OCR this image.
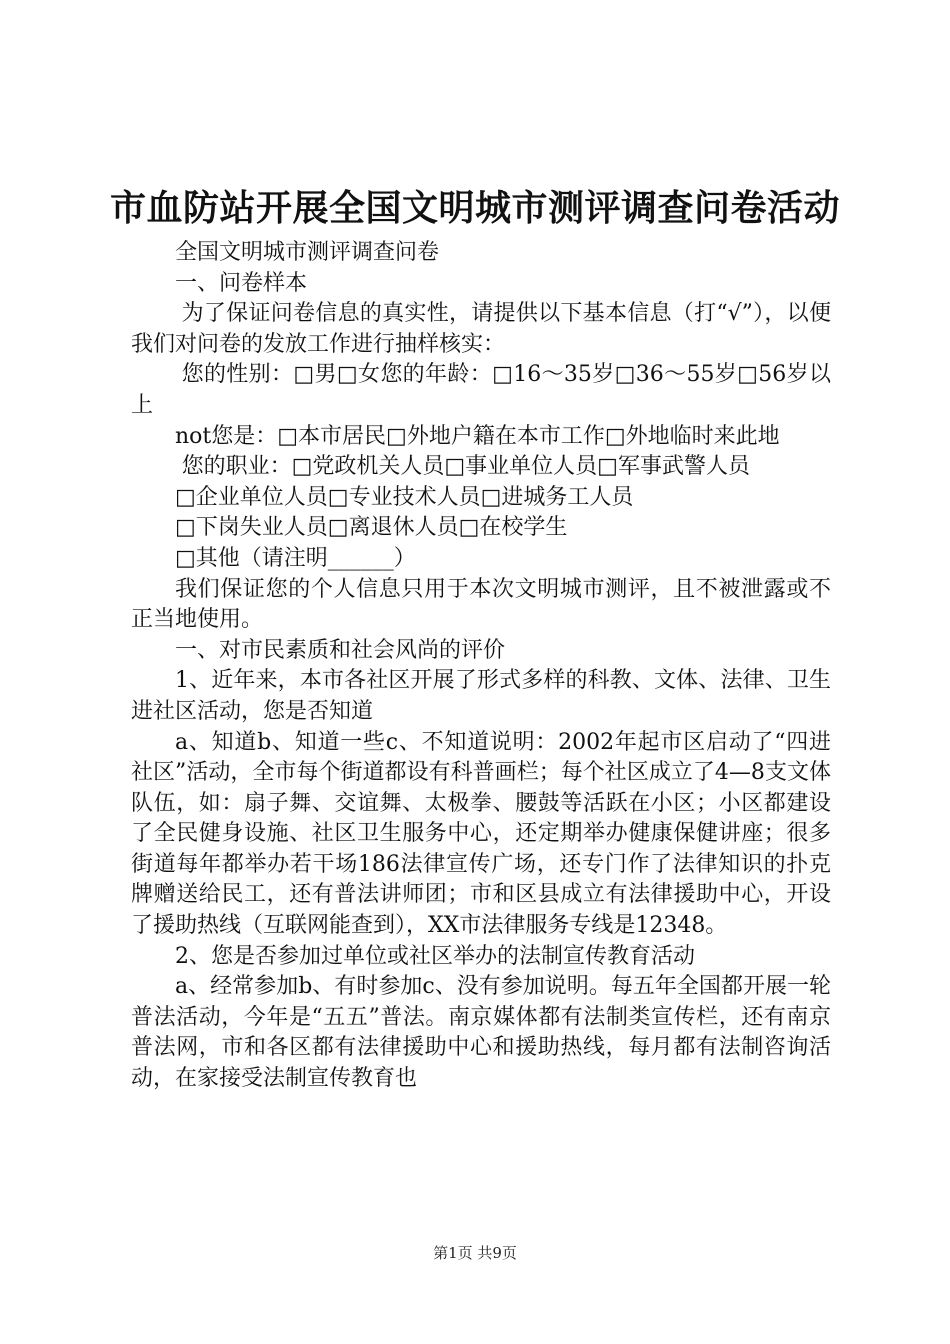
市血防站开展全国文明城市测评调查问卷活动

全国文明城市测评调查问卷

一、问卷样本

为了保证问卷信息的真实性，请提供以下基本信息（打“√”），以便我们对问卷的发放工作进行抽样核实：

您的性别：□男□女您的年龄：□16～35岁□36～55岁□56岁以上

not您是：□本市居民□外地户籍在本市工作□外地临时来此地

您的职业：□党政机关人员□事业单位人员□军事武警人员

□企业单位人员□专业技术人员□进城务工人员

□下岗失业人员□离退休人员□在校学生

□其他（请注明______）

我们保证您的个人信息只用于本次文明城市测评，且不被泄露或不正当地使用。

一、对市民素质和社会风尚的评价

1、近年来，本市各社区开展了形式多样的科教、文体、法律、卫生进社区活动，您是否知道

a、知道b、知道一些c、不知道说明：2002年起市区启动了“四进社区”活动，全市每个街道都设有科普画栏；每个社区成立了4—8支文体队伍，如：扇子舞、交谊舞、太极拳、腰鼓等活跃在小区；小区都建设了全民健身设施、社区卫生服务中心，还定期举办健康保健讲座；很多街道每年都举办若干场186法律宣传广场，还专门作了法律知识的扑克牌赠送给民工，还有普法讲师团；市和区县成立有法律援助中心，开设了援助热线（互联网能查到），XX市法律服务专线是12348。

2、您是否参加过单位或社区举办的法制宣传教育活动

a、经常参加b、有时参加c、没有参加说明。每五年全国都开展一轮普法活动，今年是“五五”普法。南京媒体都有法制类宣传栏，还有南京普法网，市和各区都有法律援助中心和援助热线，每月都有法制咨询活动，在家接受法制宣传教育也

第1页 共9页
